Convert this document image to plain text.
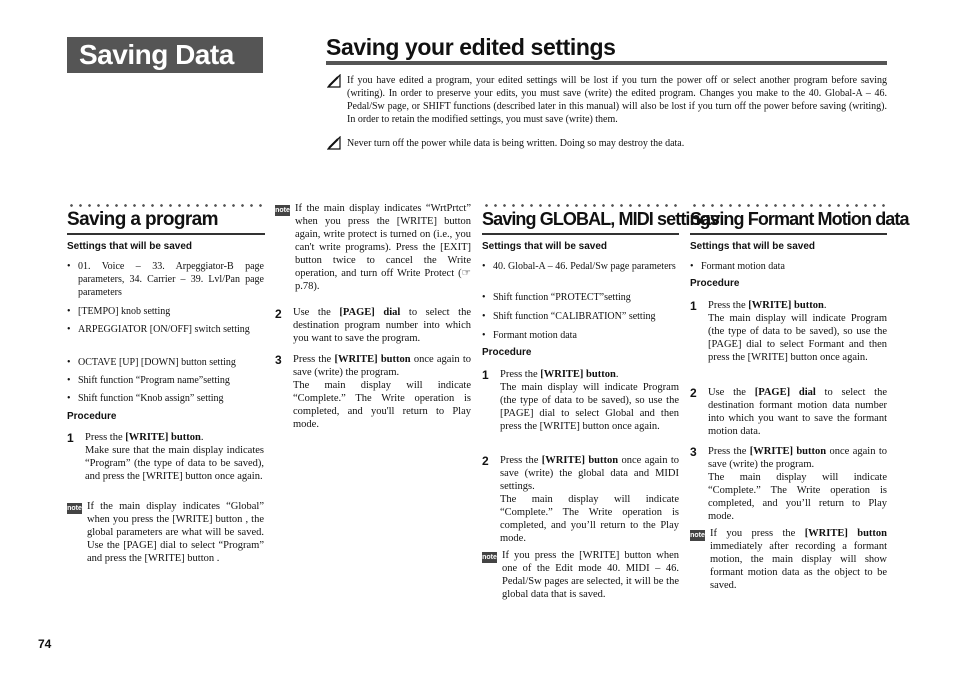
Saving Data	Saving your edited settings
If you have edited a program, your edited settings will be lost if you turn the power off or select another program before saving (writing). In order to preserve your edits, you must save (write) the edited program. Changes you make to the 40. Global-A – 46. Pedal/Sw page, or SHIFT functions (described later in this manual) will also be lost if you turn off the power before saving (writing). In order to retain the modified settings, you must save (write) them.
Never turn off the power while data is being written. Doing so may destroy the data.
Saving a program
Settings that will be saved
• 01. Voice – 33. Arpeggiator-B page parameters, 34. Carrier – 39. Lvl/Pan page parameters
• [TEMPO] knob setting
• ARPEGGIATOR [ON/OFF] switch setting
• OCTAVE [UP] [DOWN] button setting
• Shift function “Program name”setting
• Shift function “Knob assign” setting
Procedure
1 Press the [WRITE] button.
Make sure that the main display indicates “Program” (the type of data to be saved), and press the [WRITE] button once again.
note If the main display indicates “Global” when you press the [WRITE] button , the global parameters are what will be saved. Use the [PAGE] dial to select “Program” and press the [WRITE] button .
note If the main display indicates “WrtPrtct” when you press the [WRITE] button again, write protect is turned on (i.e., you can't write programs). Press the [EXIT] button twice to cancel the Write operation, and turn off Write Protect (☞p.78).
2 Use the [PAGE] dial to select the destination program number into which you want to save the program.
3 Press the [WRITE] button once again to save (write) the program.
The main display will indicate “Complete.” The Write operation is completed, and you'll return to Play mode.
Saving GLOBAL, MIDI settings
Settings that will be saved
• 40. Global-A – 46. Pedal/Sw page parameters
• Shift function “PROTECT”setting
• Shift function “CALIBRATION” setting
• Formant motion data
Procedure
1 Press the [WRITE] button.
The main display will indicate Program (the type of data to be saved), so use the [PAGE] dial to select Global and then press the [WRITE] button once again.
2 Press the [WRITE] button once again to save (write) the global data and MIDI settings.
The main display will indicate “Complete.” The Write operation is completed, and you’ll return to the Play mode.
note If you press the [WRITE] button when one of the Edit mode 40. MIDI – 46. Pedal/Sw pages are selected, it will be the global data that is saved.
Saving Formant Motion data
Settings that will be saved
• Formant motion data
Procedure
1 Press the [WRITE] button.
The main display will indicate Program (the type of data to be saved), so use the [PAGE] dial to select Formant and then press the [WRITE] button once again.
2 Use the [PAGE] dial to select the destination formant motion data number into which you want to save the formant motion data.
3 Press the [WRITE] button once again to save (write) the program.
The main display will indicate “Complete.” The Write operation is completed, and you’ll return to Play mode.
note If you press the [WRITE] button immediately after recording a formant motion, the main display will show formant motion data as the object to be saved.
74
